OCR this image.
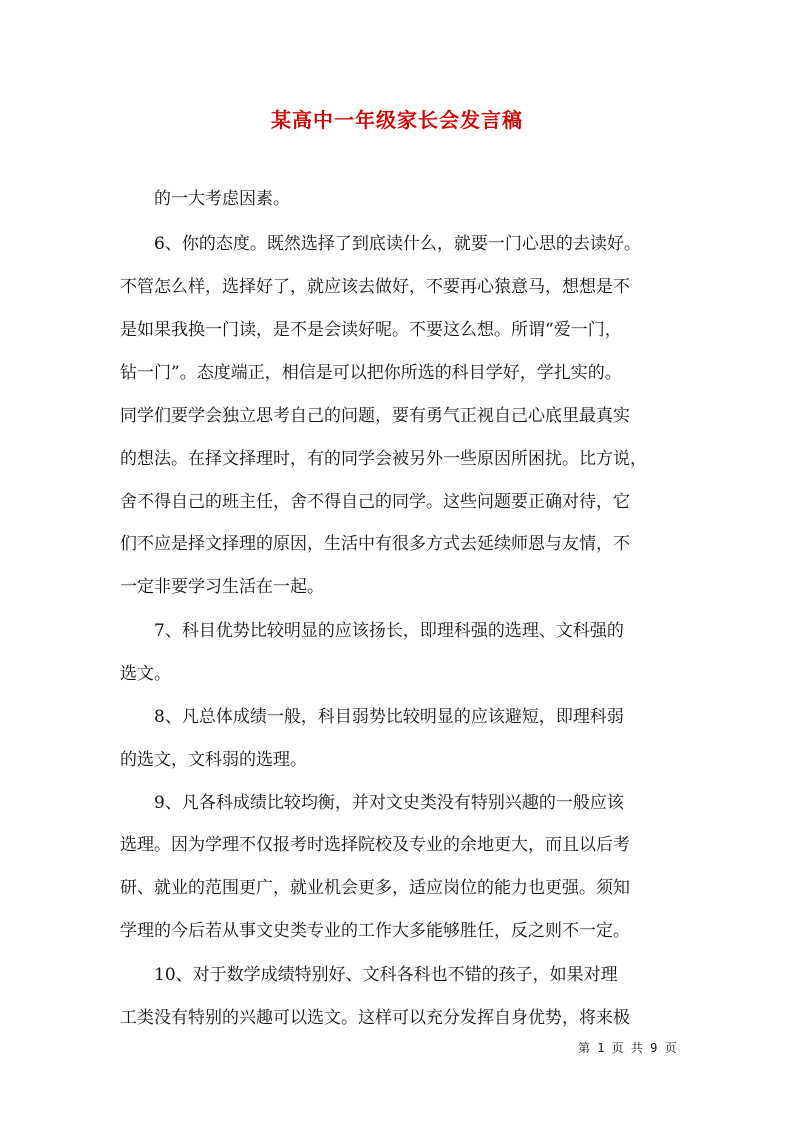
某高中一年级家长会发言稿
的一大考虑因素。
6、你的态度。既然选择了到底读什么，就要一门心思的去读好。
不管怎么样，选择好了，就应该去做好，不要再心猿意马，想想是不
是如果我换一门读，是不是会读好呢。不要这么想。所谓“爱一门，
钻一门”。态度端正，相信是可以把你所选的科目学好，学扎实的。
同学们要学会独立思考自己的问题，要有勇气正视自己心底里最真实
的想法。在择文择理时，有的同学会被另外一些原因所困扰。比方说，
舍不得自己的班主任，舍不得自己的同学。这些问题要正确对待，它
们不应是择文择理的原因，生活中有很多方式去延续师恩与友情，不
一定非要学习生活在一起。
7、科目优势比较明显的应该扬长，即理科强的选理、文科强的
选文。
8、凡总体成绩一般，科目弱势比较明显的应该避短，即理科弱
的选文，文科弱的选理。
9、凡各科成绩比较均衡，并对文史类没有特别兴趣的一般应该
选理。因为学理不仅报考时选择院校及专业的余地更大，而且以后考
研、就业的范围更广，就业机会更多，适应岗位的能力也更强。须知
学理的今后若从事文史类专业的工作大多能够胜任，反之则不一定。
10、对于数学成绩特别好、文科各科也不错的孩子，如果对理
工类没有特别的兴趣可以选文。这样可以充分发挥自身优势，将来极
第 1 页 共 9 页
